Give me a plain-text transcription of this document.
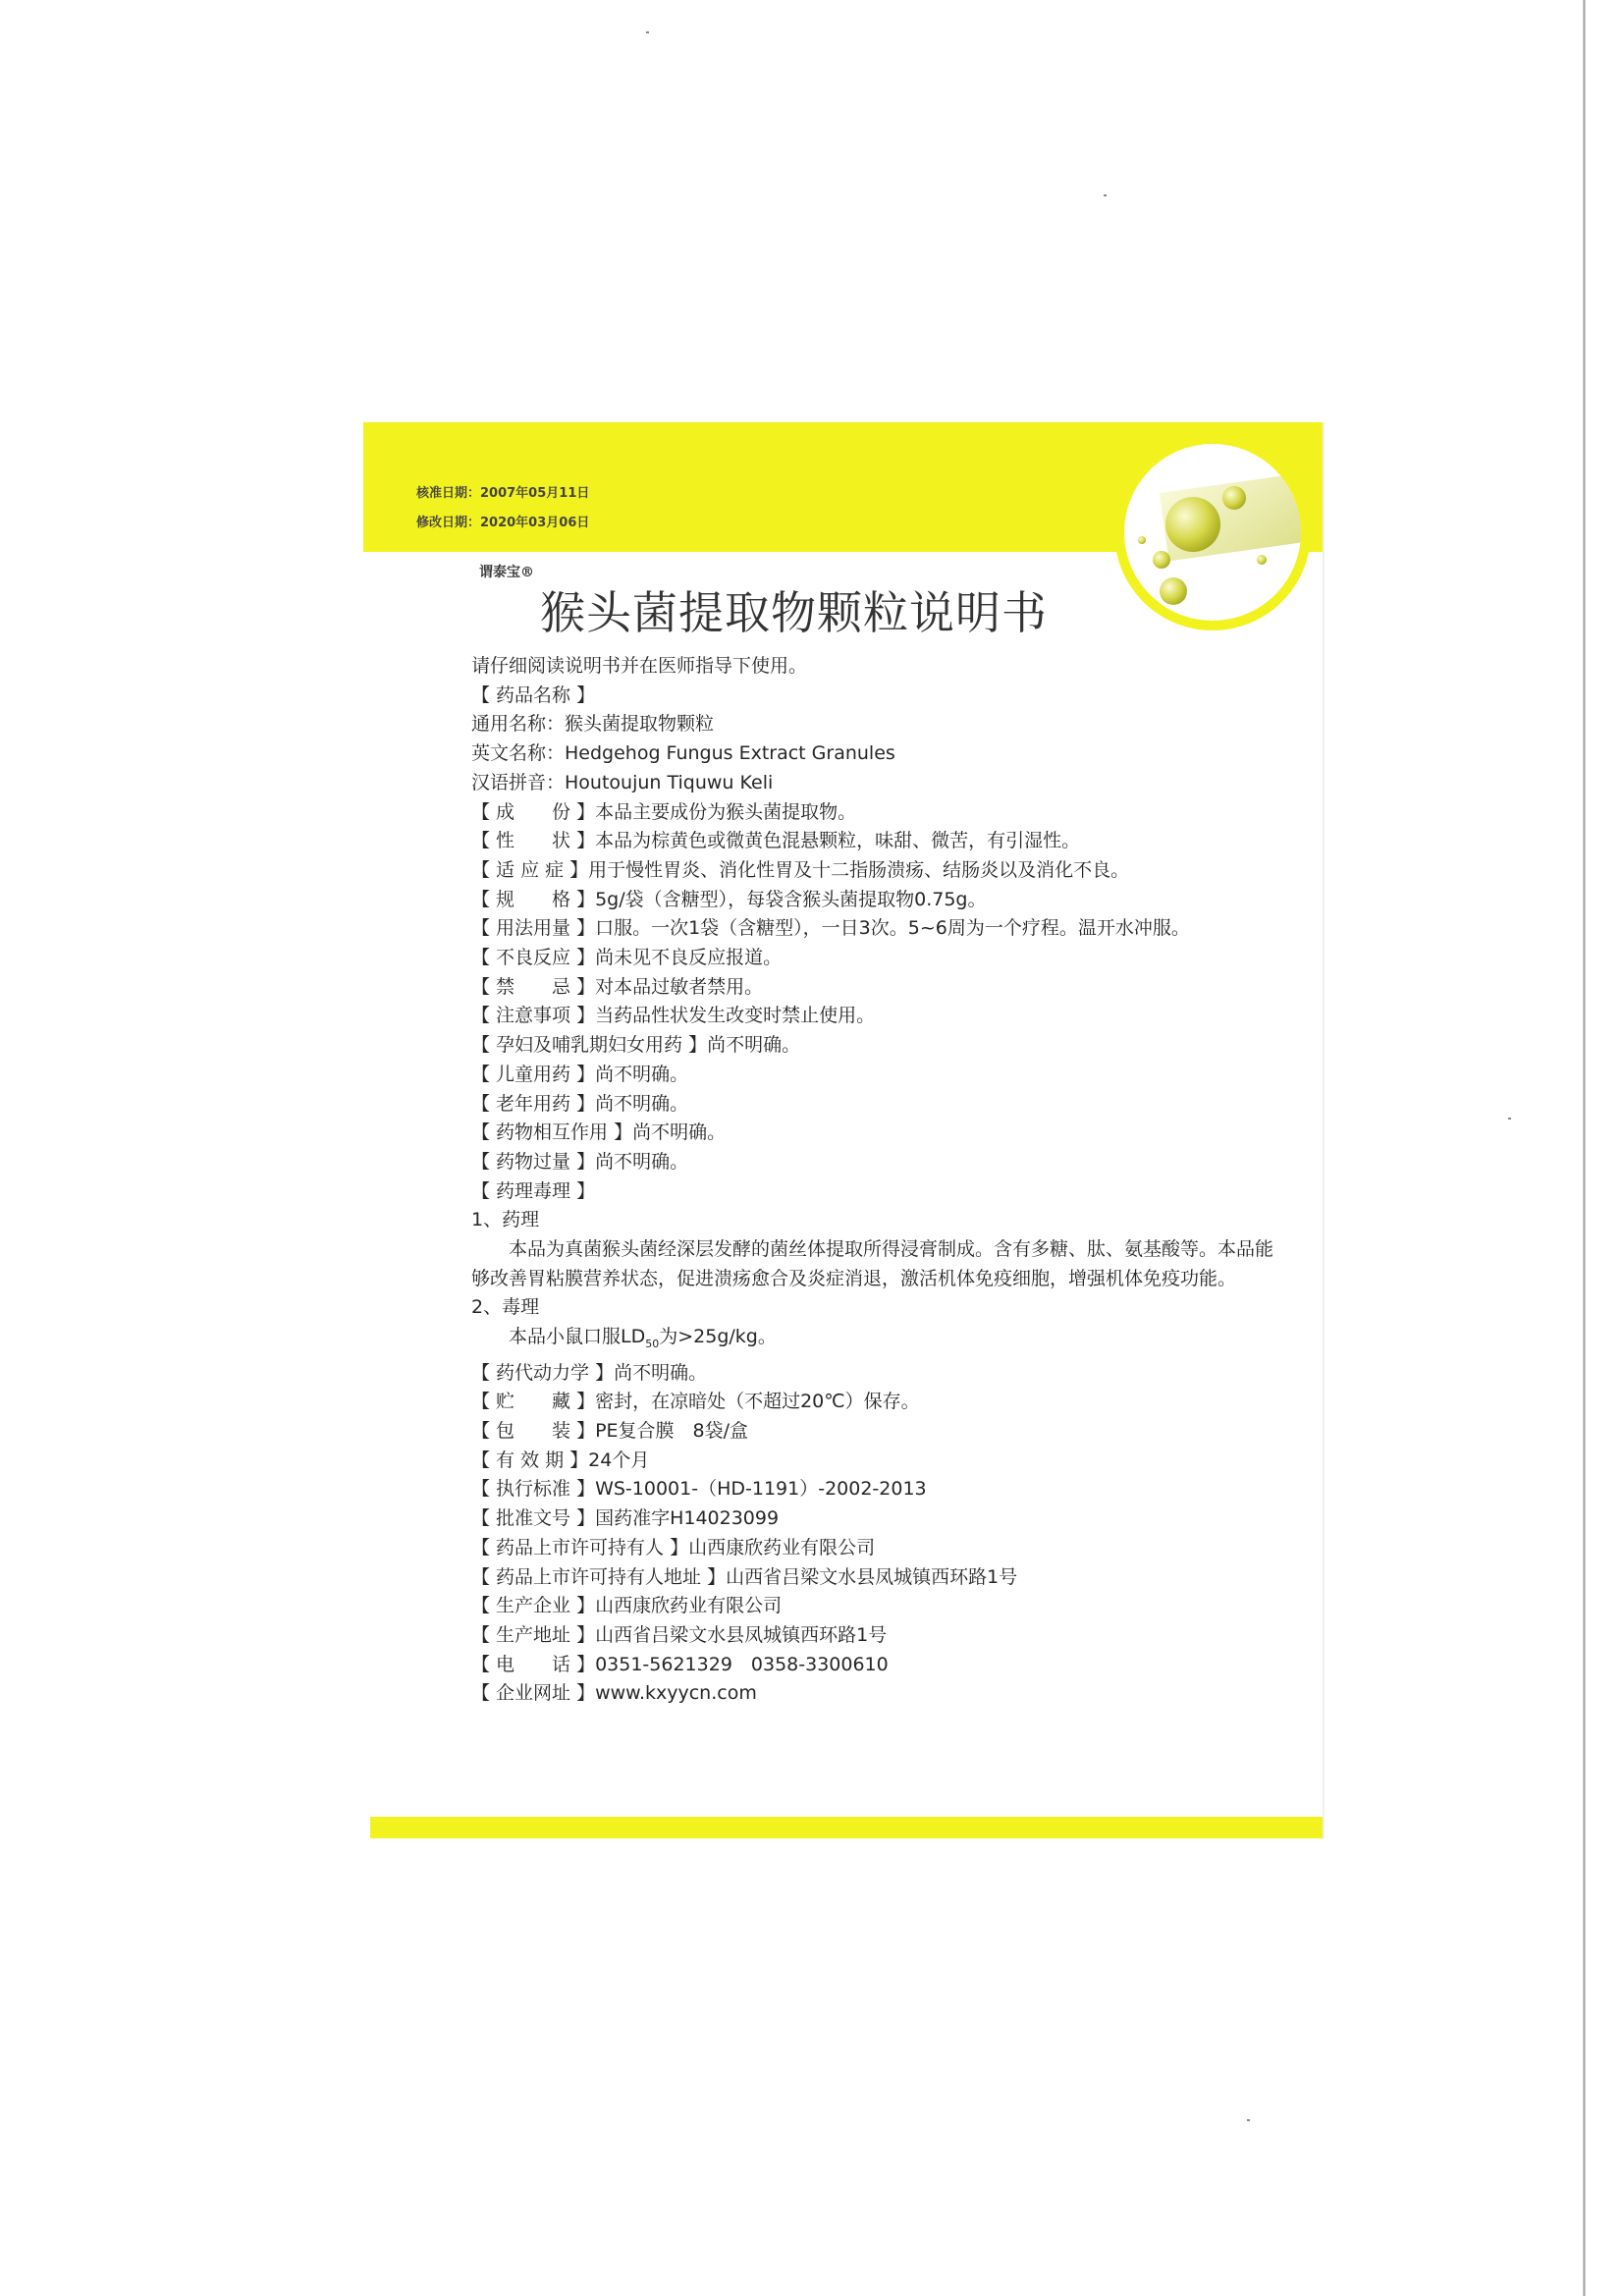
核准日期：2007年05月11日
修改日期：2020年03月06日
谓泰宝®
猴头菌提取物颗粒说明书
请仔细阅读说明书并在医师指导下使用。
【 药品名称 】
通用名称：猴头菌提取物颗粒
英文名称：Hedgehog Fungus Extract Granules
汉语拼音：Houtoujun Tiquwu Keli
【 成　　份 】本品主要成份为猴头菌提取物。
【 性　　状 】本品为棕黄色或微黄色混悬颗粒，味甜、微苦，有引湿性。
【 适 应 症 】用于慢性胃炎、消化性胃及十二指肠溃疡、结肠炎以及消化不良。
【 规　　格 】5g/袋（含糖型），每袋含猴头菌提取物0.75g。
【 用法用量 】口服。一次1袋（含糖型），一日3次。5~6周为一个疗程。温开水冲服。
【 不良反应 】尚未见不良反应报道。
【 禁　　忌 】对本品过敏者禁用。
【 注意事项 】当药品性状发生改变时禁止使用。
【 孕妇及哺乳期妇女用药 】尚不明确。
【 儿童用药 】尚不明确。
【 老年用药 】尚不明确。
【 药物相互作用 】尚不明确。
【 药物过量 】尚不明确。
【 药理毒理 】
1、药理
本品为真菌猴头菌经深层发酵的菌丝体提取所得浸膏制成。含有多糖、肽、氨基酸等。本品能够改善胃粘膜营养状态，促进溃疡愈合及炎症消退，激活机体免疫细胞，增强机体免疫功能。
2、毒理
本品小鼠口服$LD_{50}$为>25g/kg。
【 药代动力学 】尚不明确。
【 贮　　藏 】密封，在凉暗处（不超过20℃）保存。
【 包　　装 】PE复合膜　8袋/盒
【 有 效 期 】24个月
【 执行标准 】WS-10001-（HD-1191）-2002-2013
【 批准文号 】国药准字H14023099
【 药品上市许可持有人 】山西康欣药业有限公司
【 药品上市许可持有人地址 】山西省吕梁文水县凤城镇西环路1号
【 生产企业 】山西康欣药业有限公司
【 生产地址 】山西省吕梁文水县凤城镇西环路1号
【 电　　话 】0351-5621329　0358-3300610
【 企业网址 】www.kxyycn.com
